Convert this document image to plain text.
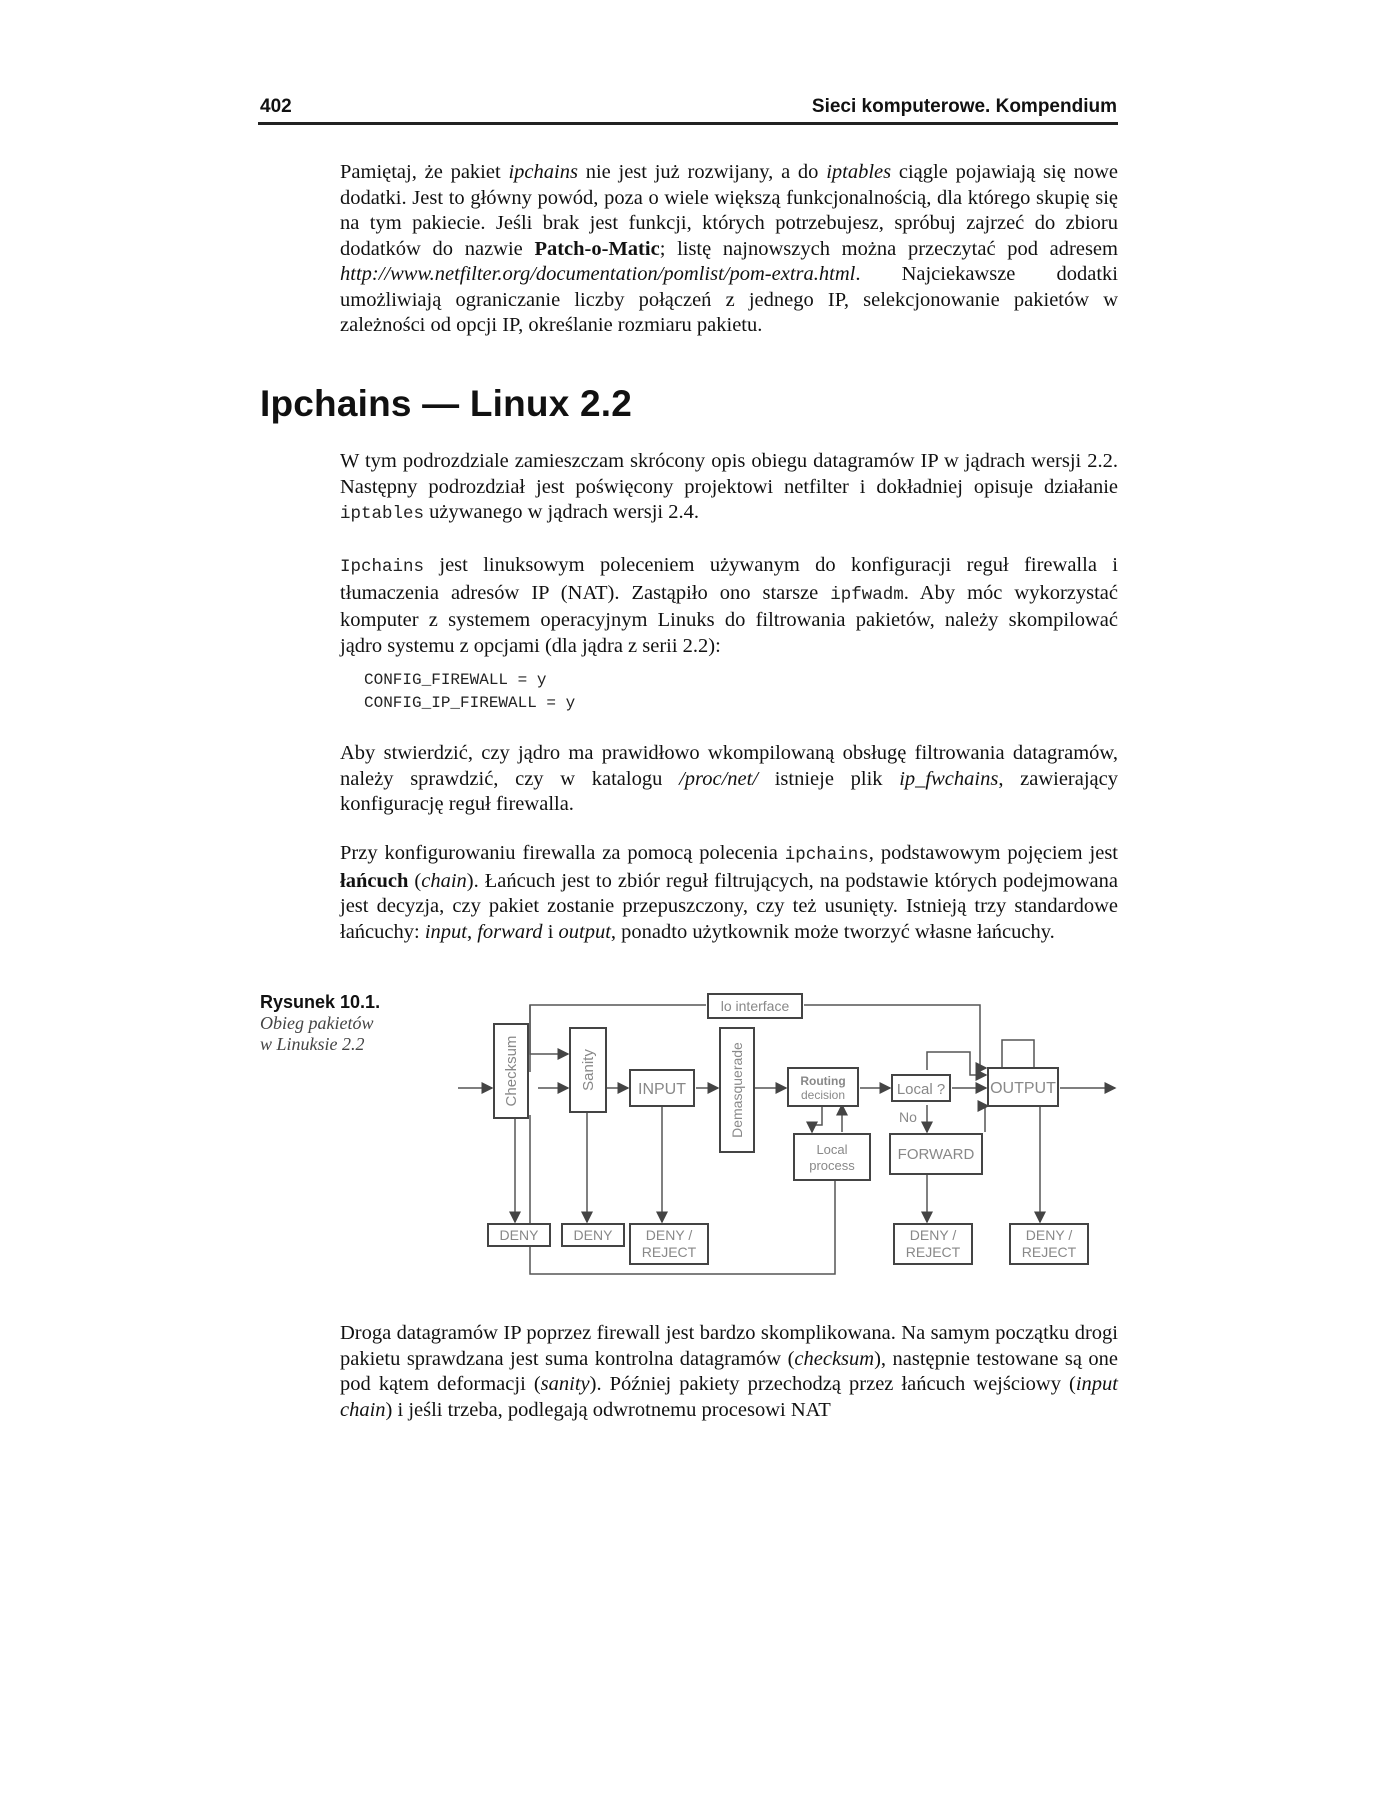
402	Sieci komputerowe. Kompendium

Pamiętaj, że pakiet ipchains nie jest już rozwijany, a do iptables ciągle pojawiają się nowe dodatki. Jest to główny powód, poza o wiele większą funkcjonalnością, dla którego skupię się na tym pakiecie. Jeśli brak jest funkcji, których potrzebujesz, spróbuj zajrzeć do zbioru dodatków do nazwie Patch-o-Matic; listę najnowszych można przeczytać pod adresem http://www.netfilter.org/documentation/pomlist/pom-extra.html. Najciekawsze dodatki umożliwiają ograniczanie liczby połączeń z jednego IP, selekcjonowanie pakietów w zależności od opcji IP, określanie rozmiaru pakietu.

Ipchains — Linux 2.2

W tym podrozdziale zamieszczam skrócony opis obiegu datagramów IP w jądrach wersji 2.2. Następny podrozdział jest poświęcony projektowi netfilter i dokładniej opisuje działanie iptables używanego w jądrach wersji 2.4.

Ipchains jest linuksowym poleceniem używanym do konfiguracji reguł firewalla i tłumaczenia adresów IP (NAT). Zastąpiło ono starsze ipfwadm. Aby móc wykorzystać komputer z systemem operacyjnym Linuks do filtrowania pakietów, należy skompilować jądro systemu z opcjami (dla jądra z serii 2.2):

CONFIG_FIREWALL = y
CONFIG_IP_FIREWALL = y

Aby stwierdzić, czy jądro ma prawidłowo wkompilowaną obsługę filtrowania datagramów, należy sprawdzić, czy w katalogu /proc/net/ istnieje plik ip_fwchains, zawierający konfigurację reguł firewalla.

Przy konfigurowaniu firewalla za pomocą polecenia ipchains, podstawowym pojęciem jest łańcuch (chain). Łańcuch jest to zbiór reguł filtrujących, na podstawie których podejmowana jest decyzja, czy pakiet zostanie przepuszczony, czy też usunięty. Istnieją trzy standardowe łańcuchy: input, forward i output, ponadto użytkownik może tworzyć własne łańcuchy.

Rysunek 10.1.
Obieg pakietów
w Linuksie 2.2
lo interface
Checksum	Sanity	INPUT	Demasquerade	Routing
decision	Local ?
No
OUTPUT
Local
process
FORWARD
DENY	DENY DENY /
REJECT
DENY /
REJECT
DENY /
REJECT

Droga datagramów IP poprzez firewall jest bardzo skomplikowana. Na samym początku drogi pakietu sprawdzana jest suma kontrolna datagramów (checksum), następnie testowane są one pod kątem deformacji (sanity). Później pakiety przechodzą przez łańcuch wejściowy (input chain) i jeśli trzeba, podlegają odwrotnemu procesowi NAT
